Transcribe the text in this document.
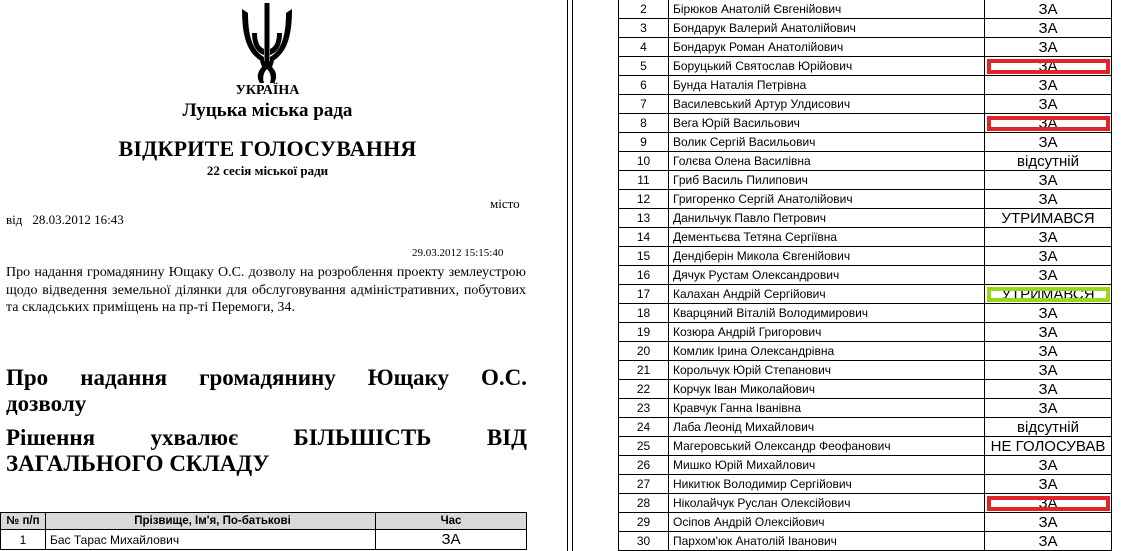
УКРАЇНА
Луцька міська рада
ВІДКРИТЕ ГОЛОСУВАННЯ
22 сесія міської ради
місто
від 28.03.2012 16:43
29.03.2012 15:15:40
Про надання громадянину Ющаку О.С. дозволу на розроблення проекту землеустрою щодо відведення земельної ділянки для обслуговування адміністративних, побутових та складських приміщень на пр-ті Перемоги, 34.
Про надання громадянину Ющаку О.С.
дозволу
Рішення ухвалює БІЛЬШІСТЬ ВІД
ЗАГАЛЬНОГО СКЛАДУ
№ п/п	Прізвище, Ім'я, По-батькові	Час
1	Бас Тарас Михайлович	ЗА
2	Бірюков Анатолій Євгенійович	ЗА
3	Бондарук Валерий Анатолійович	ЗА
4	Бондарук Роман Анатолійович	ЗА
5	Боруцький Святослав Юрійович	ЗА
6	Бунда Наталія Петрівна	ЗА
7	Василевський Артур Улдисович	ЗА
8	Вега Юрій Васильович	ЗА
9	Волик Сергій Васильович	ЗА
10	Голєва Олена Василівна	відсутній
11	Гриб Василь Пилипович	ЗА
12	Григоренко Сергій Анатолійович	ЗА
13	Данильчук Павло Петрович	УТРИМАВСЯ
14	Дементьєва Тетяна Сергіївна	ЗА
15	Дендіберін Микола Євгенійович	ЗА
16	Дячук Рустам Олександрович	ЗА
17	Калахан Андрій Сергійович	УТРИМАВСЯ
18	Кварцяний Віталій Володимирович	ЗА
19	Козюра Андрій Григорович	ЗА
20	Комлик Ірина Олександрівна	ЗА
21	Корольчук Юрій Степанович	ЗА
22	Корчук Іван Миколайович	ЗА
23	Кравчук Ганна Іванівна	ЗА
24	Лаба Леонід Михайлович	відсутній
25	Магеровський Олександр Феофанович	НЕ ГОЛОСУВАВ
26	Мишко Юрій Михайлович	ЗА
27	Никитюк Володимир Сергійович	ЗА
28	Ніколайчук Руслан Олексійович	ЗА
29	Осіпов Андрій Олексійович	ЗА
30	Пархом'юк Анатолій Іванович	ЗА
